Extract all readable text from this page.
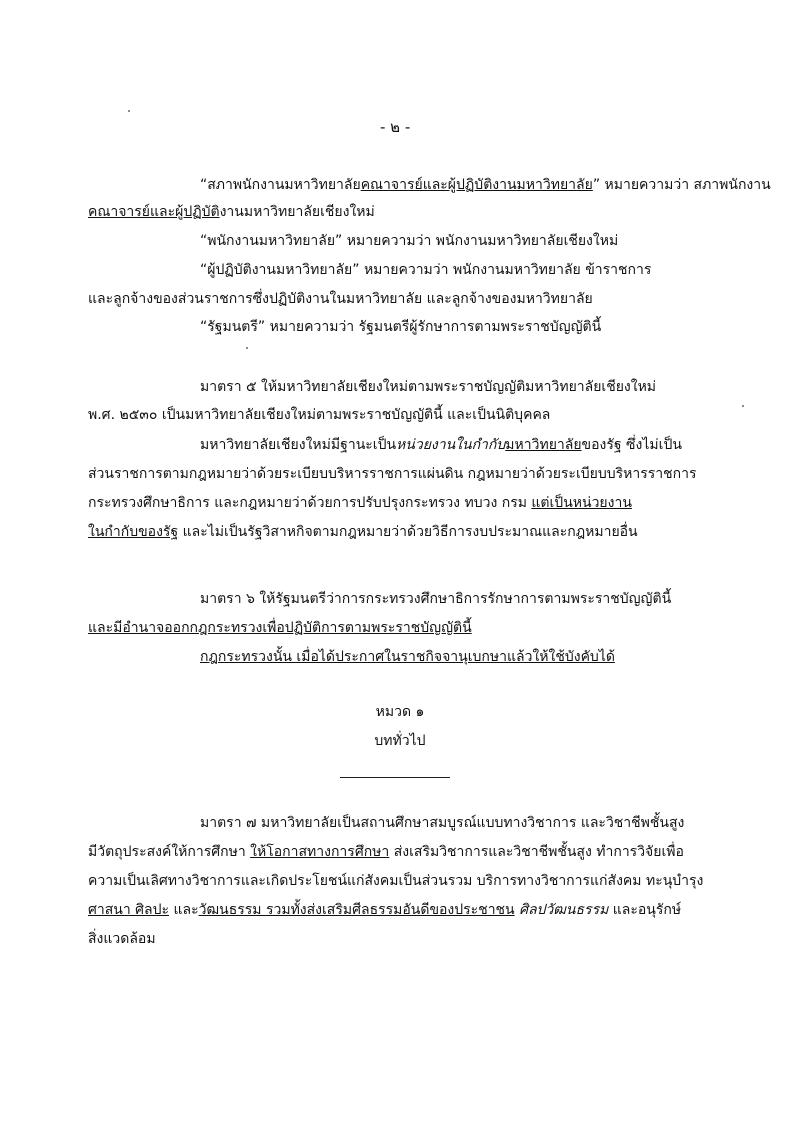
- ๒ -
“สภาพนักงานมหาวิทยาลัยคณาจารย์และผู้ปฏิบัติงานมหาวิทยาลัย” หมายความว่า สภาพนักงาน
คณาจารย์และผู้ปฏิบัติงานมหาวิทยาลัยเชียงใหม่
“พนักงานมหาวิทยาลัย” หมายความว่า พนักงานมหาวิทยาลัยเชียงใหม่
“ผู้ปฏิบัติงานมหาวิทยาลัย” หมายความว่า พนักงานมหาวิทยาลัย ข้าราชการ
และลูกจ้างของส่วนราชการซึ่งปฏิบัติงานในมหาวิทยาลัย และลูกจ้างของมหาวิทยาลัย
“รัฐมนตรี” หมายความว่า รัฐมนตรีผู้รักษาการตามพระราชบัญญัตินี้
มาตรา ๕ ให้มหาวิทยาลัยเชียงใหม่ตามพระราชบัญญัติมหาวิทยาลัยเชียงใหม่
พ.ศ. ๒๕๓๐ เป็นมหาวิทยาลัยเชียงใหม่ตามพระราชบัญญัตินี้ และเป็นนิติบุคคล
มหาวิทยาลัยเชียงใหม่มีฐานะเป็นหน่วยงานในกำกับมหาวิทยาลัยของรัฐ ซึ่งไม่เป็น
ส่วนราชการตามกฎหมายว่าด้วยระเบียบบริหารราชการแผ่นดิน กฎหมายว่าด้วยระเบียบบริหารราชการ
กระทรวงศึกษาธิการ และกฎหมายว่าด้วยการปรับปรุงกระทรวง ทบวง กรม แต่เป็นหน่วยงาน
ในกำกับของรัฐ และไม่เป็นรัฐวิสาหกิจตามกฎหมายว่าด้วยวิธีการงบประมาณและกฎหมายอื่น
มาตรา ๖ ให้รัฐมนตรีว่าการกระทรวงศึกษาธิการรักษาการตามพระราชบัญญัตินี้
และมีอำนาจออกกฎกระทรวงเพื่อปฏิบัติการตามพระราชบัญญัตินี้
กฎกระทรวงนั้น เมื่อได้ประกาศในราชกิจจานุเบกษาแล้วให้ใช้บังคับได้
หมวด ๑
บททั่วไป
มาตรา ๗ มหาวิทยาลัยเป็นสถานศึกษาสมบูรณ์แบบทางวิชาการ และวิชาชีพชั้นสูง
มีวัตถุประสงค์ให้การศึกษา ให้โอกาสทางการศึกษา ส่งเสริมวิชาการและวิชาชีพชั้นสูง ทำการวิจัยเพื่อ
ความเป็นเลิศทางวิชาการและเกิดประโยชน์แก่สังคมเป็นส่วนรวม บริการทางวิชาการแก่สังคม ทะนุบำรุง
ศาสนา ศิลปะ และวัฒนธรรม รวมทั้งส่งเสริมศีลธรรมอันดีของประชาชน ศิลปวัฒนธรรม และอนุรักษ์
สิ่งแวดล้อม
